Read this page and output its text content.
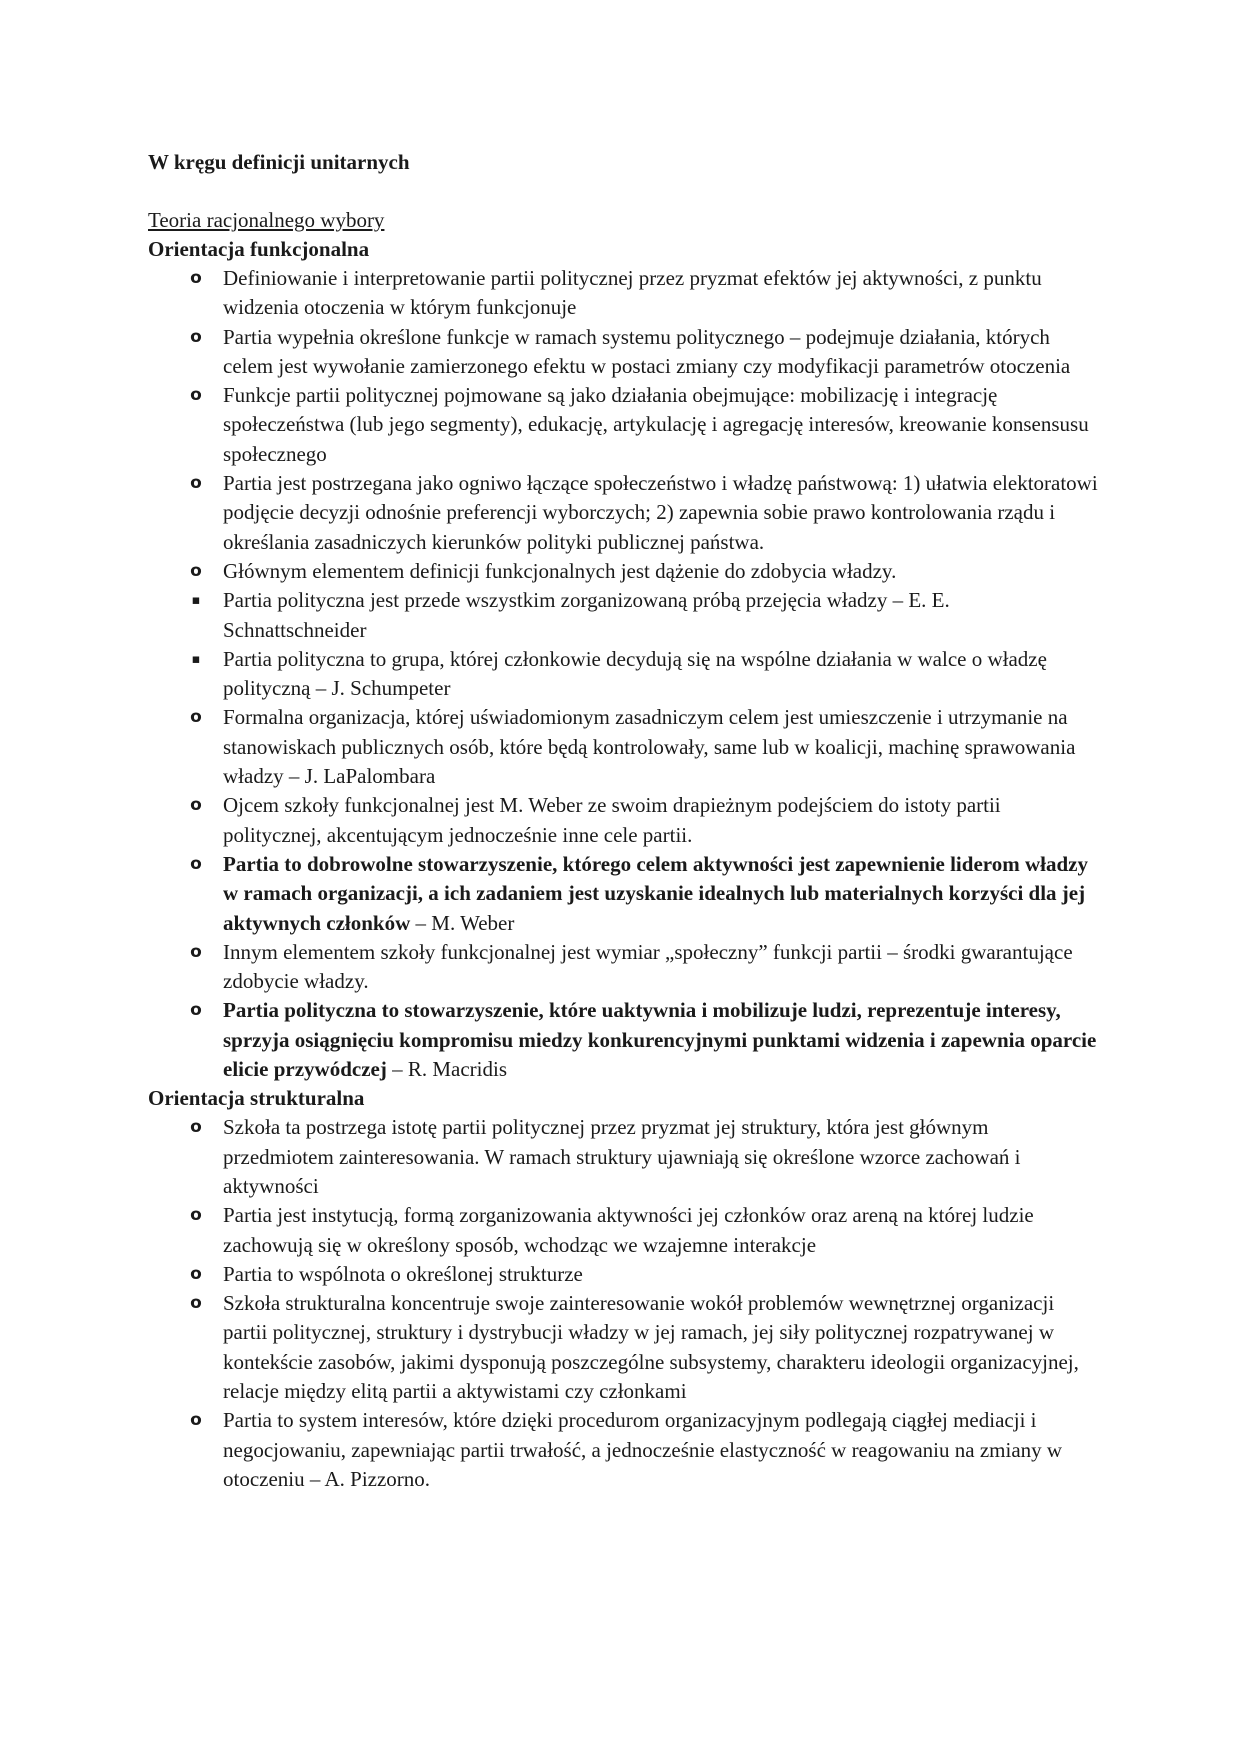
W kręgu definicji unitarnych

Teoria racjonalnego wybory

Orientacja funkcjonalna

o Definiowanie i interpretowanie partii politycznej przez pryzmat efektów jej aktywności, z punktu widzenia otoczenia w którym funkcjonuje
o Partia wypełnia określone funkcje w ramach systemu politycznego – podejmuje działania, których celem jest wywołanie zamierzonego efektu w postaci zmiany czy modyfikacji parametrów otoczenia
o Funkcje partii politycznej pojmowane są jako działania obejmujące: mobilizację i integrację społeczeństwa (lub jego segmenty), edukację, artykulację i agregację interesów, kreowanie konsensusu społecznego
o Partia jest postrzegana jako ogniwo łączące społeczeństwo i władzę państwową: 1) ułatwia elektoratowi podjęcie decyzji odnośnie preferencji wyborczych; 2) zapewnia sobie prawo kontrolowania rządu i określania zasadniczych kierunków polityki publicznej państwa.
o Głównym elementem definicji funkcjonalnych jest dążenie do zdobycia władzy.
▪ Partia polityczna jest przede wszystkim zorganizowaną próbą przejęcia władzy – E. E. Schnattschneider
▪ Partia polityczna to grupa, której członkowie decydują się na wspólne działania w walce o władzę polityczną – J. Schumpeter
o Formalna organizacja, której uświadomionym zasadniczym celem jest umieszczenie i utrzymanie na stanowiskach publicznych osób, które będą kontrolowały, same lub w koalicji, machinę sprawowania władzy – J. LaPalombara
o Ojcem szkoły funkcjonalnej jest M. Weber ze swoim drapieżnym podejściem do istoty partii politycznej, akcentującym jednocześnie inne cele partii.
o Partia to dobrowolne stowarzyszenie, którego celem aktywności jest zapewnienie liderom władzy w ramach organizacji, a ich zadaniem jest uzyskanie idealnych lub materialnych korzyści dla jej aktywnych członków – M. Weber
o Innym elementem szkoły funkcjonalnej jest wymiar „społeczny” funkcji partii – środki gwarantujące zdobycie władzy.
o Partia polityczna to stowarzyszenie, które uaktywnia i mobilizuje ludzi, reprezentuje interesy, sprzyja osiągnięciu kompromisu miedzy konkurencyjnymi punktami widzenia i zapewnia oparcie elicie przywódczej – R. Macridis

Orientacja strukturalna

o Szkoła ta postrzega istotę partii politycznej przez pryzmat jej struktury, która jest głównym przedmiotem zainteresowania. W ramach struktury ujawniają się określone wzorce zachowań i aktywności
o Partia jest instytucją, formą zorganizowania aktywności jej członków oraz areną na której ludzie zachowują się w określony sposób, wchodząc we wzajemne interakcje
o Partia to wspólnota o określonej strukturze
o Szkoła strukturalna koncentruje swoje zainteresowanie wokół problemów wewnętrznej organizacji partii politycznej, struktury i dystrybucji władzy w jej ramach, jej siły politycznej rozpatrywanej w kontekście zasobów, jakimi dysponują poszczególne subsystemy, charakteru ideologii organizacyjnej, relacje między elitą partii a aktywistami czy członkami
o Partia to system interesów, które dzięki procedurom organizacyjnym podlegają ciągłej mediacji i negocjowaniu, zapewniając partii trwałość, a jednocześnie elastyczność w reagowaniu na zmiany w otoczeniu – A. Pizzorno.
